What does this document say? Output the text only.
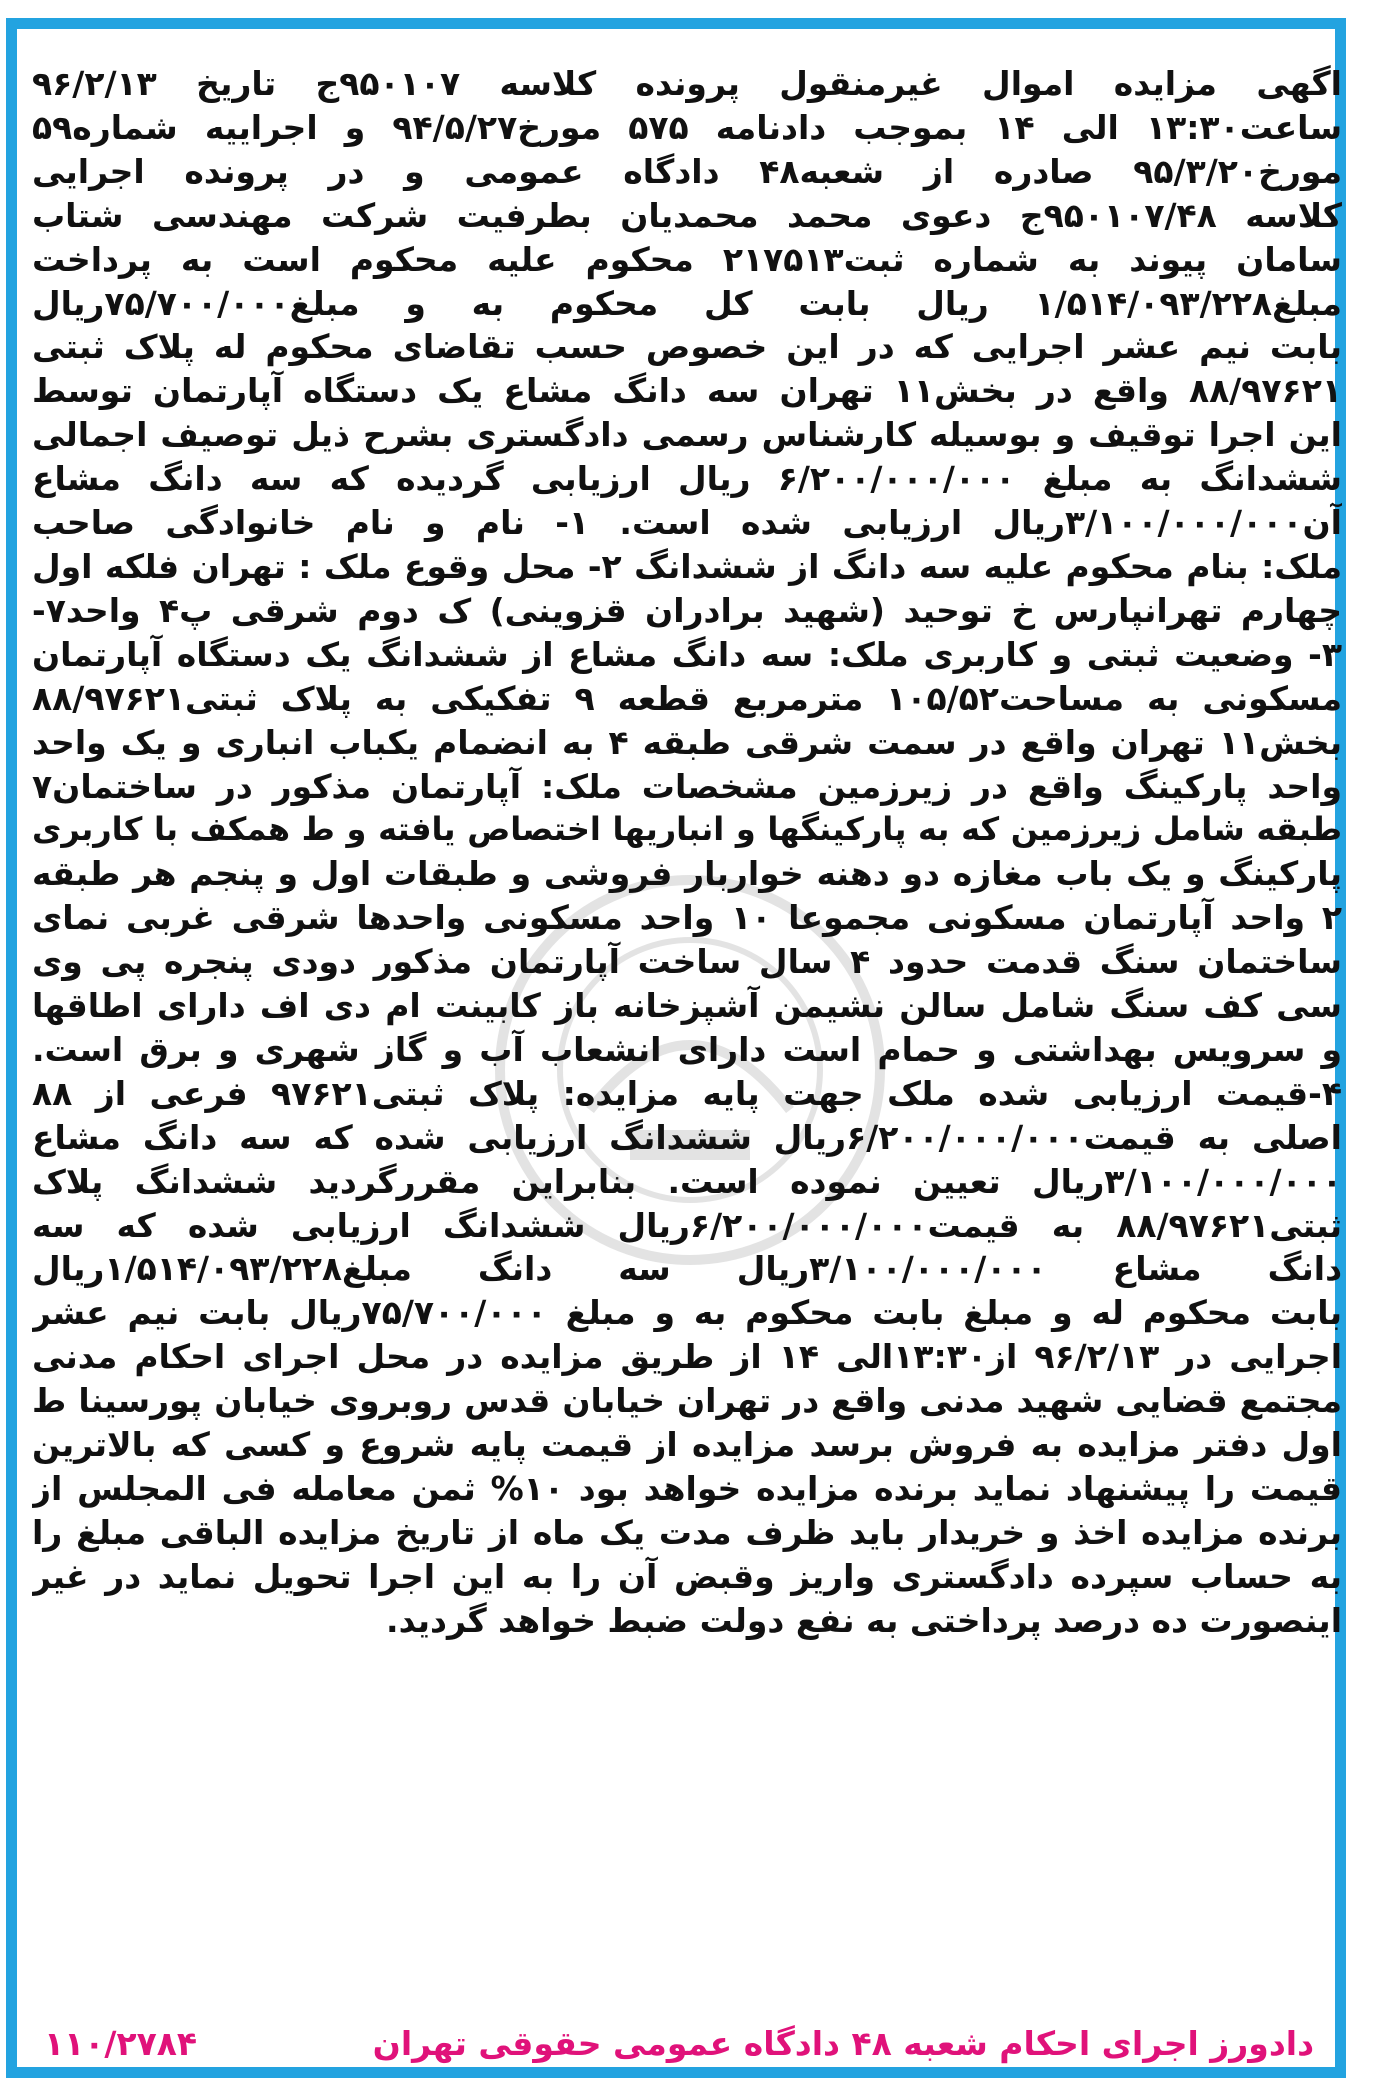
اگهی مزایده اموال غیرمنقول پرونده کلاسه ۹۵۰۱۰۷ج تاریخ ۹۶/۲/۱۳
ساعت۱۳:۳۰ الی ۱۴ بموجب دادنامه ۵۷۵ مورخ۹۴/۵/۲۷ و اجراییه شماره۵۹
مورخ۹۵/۳/۲۰ صادره از شعبه۴۸ دادگاه عمومی و در پرونده اجرایی
کلاسه ۹۵۰۱۰۷/۴۸ج دعوی محمد محمدیان بطرفیت شرکت مهندسی شتاب
سامان پیوند به شماره ثبت۲۱۷۵۱۳ محکوم علیه محکوم است به پرداخت
مبلغ۱/۵۱۴/۰۹۳/۲۲۸ ریال بابت کل محکوم به و مبلغ۷۵/۷۰۰/۰۰۰ریال
بابت نیم عشر اجرایی که در این خصوص حسب تقاضای محکوم له پلاک ثبتی
۸۸/۹۷۶۲۱ واقع در بخش۱۱ تهران سه دانگ مشاع یک دستگاه آپارتمان توسط
این اجرا توقیف و بوسیله کارشناس رسمی دادگستری بشرح ذیل توصیف اجمالی
ششدانگ به مبلغ ۶/۲۰۰/۰۰۰/۰۰۰ ریال ارزیابی گردیده که سه دانگ مشاع
آن۳/۱۰۰/۰۰۰/۰۰۰ریال ارزیابی شده است. ۱- نام و نام خانوادگی صاحب
ملک: بنام محکوم علیه سه دانگ از ششدانگ ۲- محل وقوع ملک : تهران فلکه اول
چهارم تهرانپارس خ توحید (شهید برادران قزوینی) ک دوم شرقی پ۴ واحد۷-
۳- وضعیت ثبتی و کاربری ملک: سه دانگ مشاع از ششدانگ یک دستگاه آپارتمان
مسکونی به مساحت۱۰۵/۵۲ مترمربع قطعه ۹ تفکیکی به پلاک ثبتی۸۸/۹۷۶۲۱
بخش۱۱ تهران واقع در سمت شرقی طبقه ۴ به انضمام یکباب انباری و یک واحد
واحد پارکینگ واقع در زیرزمین مشخصات ملک: آپارتمان مذکور در ساختمان۷
طبقه شامل زیرزمین که به پارکینگها و انباریها اختصاص یافته و ط همکف با کاربری
پارکینگ و یک باب مغازه دو دهنه خواربار فروشی و طبقات اول و پنجم هر طبقه
۲ واحد آپارتمان مسکونی مجموعا ۱۰ واحد مسکونی واحدها شرقی غربی نمای
ساختمان سنگ قدمت حدود ۴ سال ساخت آپارتمان مذکور دودی پنجره پی وی
سی کف سنگ شامل سالن نشیمن آشپزخانه باز کابینت ام دی اف دارای اطاقها
و سرویس بهداشتی و حمام است دارای انشعاب آب و گاز شهری و برق است.
۴-قیمت ارزیابی شده ملک جهت پایه مزایده: پلاک ثبتی۹۷۶۲۱ فرعی از ۸۸
اصلی به قیمت۶/۲۰۰/۰۰۰/۰۰۰ریال ششدانگ ارزیابی شده که سه دانگ مشاع
۳/۱۰۰/۰۰۰/۰۰۰ریال تعیین نموده است. بنابراین مقررگردید ششدانگ پلاک
ثبتی۸۸/۹۷۶۲۱ به قیمت۶/۲۰۰/۰۰۰/۰۰۰ریال ششدانگ ارزیابی شده که سه
دانگ مشاع ۳/۱۰۰/۰۰۰/۰۰۰ریال سه دانگ مبلغ۱/۵۱۴/۰۹۳/۲۲۸ریال
بابت محکوم له و مبلغ بابت محکوم به و مبلغ ۷۵/۷۰۰/۰۰۰ریال بابت نیم عشر
اجرایی در ۹۶/۲/۱۳ از۱۳:۳۰الی ۱۴ از طریق مزایده در محل اجرای احکام مدنی
مجتمع قضایی شهید مدنی واقع در تهران خیابان قدس روبروی خیابان پورسینا ط
اول دفتر مزایده به فروش برسد مزایده از قیمت پایه شروع و کسی که بالاترین
قیمت را پیشنهاد نماید برنده مزایده خواهد بود ۱۰% ثمن معامله فی المجلس از
برنده مزایده اخذ و خریدار باید ظرف مدت یک ماه از تاریخ مزایده الباقی مبلغ را
به حساب سپرده دادگستری واریز وقبض آن را به این اجرا تحویل نماید در غیر
اینصورت ده درصد پرداختی به نفع دولت ضبط خواهد گردید.
دادورز اجرای احکام شعبه ۴۸ دادگاه عمومی حقوقی تهران
۱۱۰/۲۷۸۴
